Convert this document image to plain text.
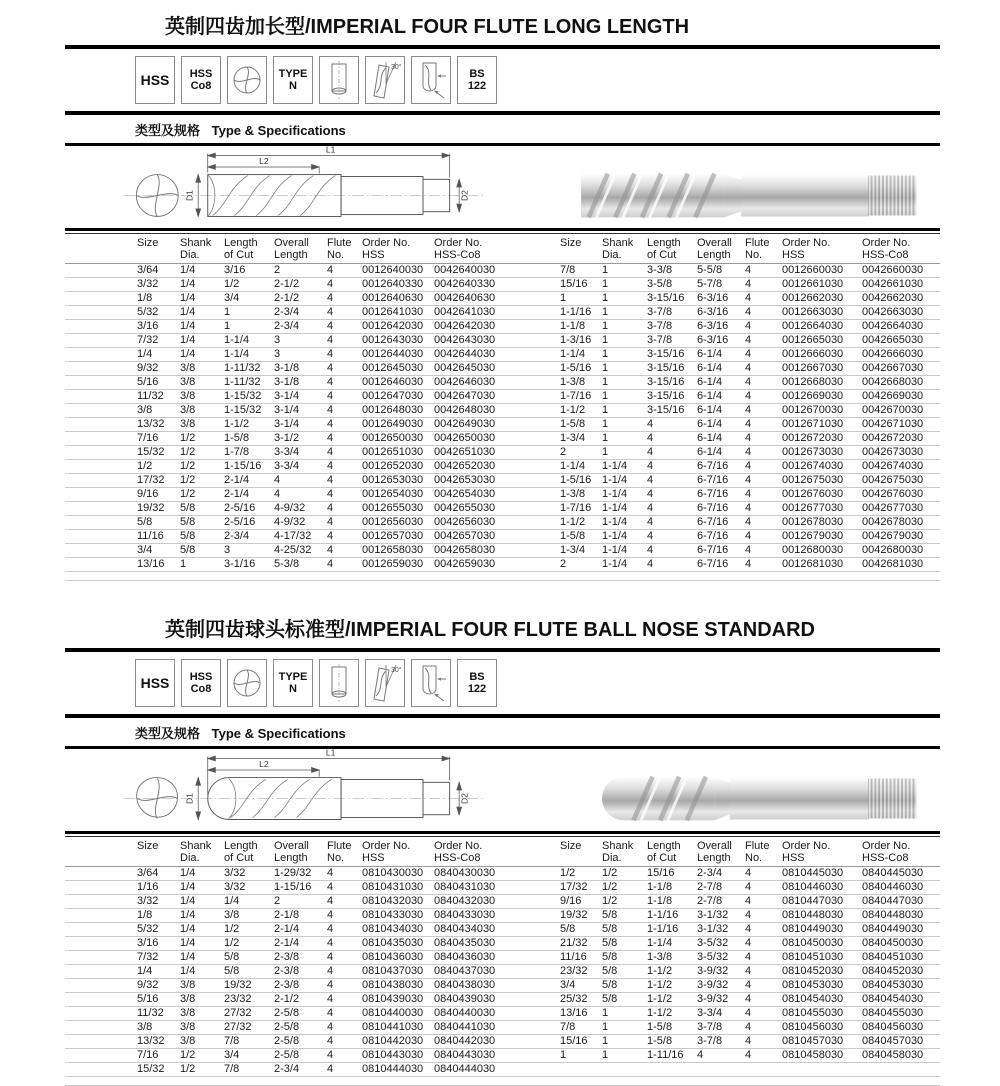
英制四齿加长型/IMPERIAL FOUR FLUTE LONG LENGTH
HSS HSS
Co8
TYPE
N
30°
BS
122
类型及规格 Type & Specifications
L1
L2
D1	D2

Size	Shank
Dia.

Length
of Cut

Overall
Length

Flute
No.

Order No.
HSS

Order No.
HSS-Co8

Size	Shank
Dia.

Length
of Cut

Overall
Length

Flute
No.

Order No.
HSS

Order No.
HSS-Co8

	3/64	1/4	3/16	2	4	0012640030	0042640030		7/8	1	3-3/8	5-5/8	4	0012660030	0042660030
	3/32	1/4	1/2	2-1/2	4	0012640330	0042640330		15/16	1	3-5/8	5-7/8	4	0012661030	0042661030
	1/8	1/4	3/4	2-1/2	4	0012640630	0042640630		1	1	3-15/16	6-3/16	4	0012662030	0042662030
	5/32	1/4	1	2-3/4	4	0012641030	0042641030		1-1/16	1	3-7/8	6-3/16	4	0012663030	0042663030
	3/16	1/4	1	2-3/4	4	0012642030	0042642030		1-1/8	1	3-7/8	6-3/16	4	0012664030	0042664030
	7/32	1/4	1-1/4	3	4	0012643030	0042643030		1-3/16	1	3-7/8	6-3/16	4	0012665030	0042665030
	1/4	1/4	1-1/4	3	4	0012644030	0042644030		1-1/4	1	3-15/16	6-1/4	4	0012666030	0042666030
	9/32	3/8	1-11/32	3-1/8	4	0012645030	0042645030		1-5/16	1	3-15/16	6-1/4	4	0012667030	0042667030
	5/16	3/8	1-11/32	3-1/8	4	0012646030	0042646030		1-3/8	1	3-15/16	6-1/4	4	0012668030	0042668030
	11/32	3/8	1-15/32	3-1/4	4	0012647030	0042647030		1-7/16	1	3-15/16	6-1/4	4	0012669030	0042669030
	3/8	3/8	1-15/32	3-1/4	4	0012648030	0042648030		1-1/2	1	3-15/16	6-1/4	4	0012670030	0042670030
	13/32	3/8	1-1/2	3-1/4	4	0012649030	0042649030		1-5/8	1	4	6-1/4	4	0012671030	0042671030
	7/16	1/2	1-5/8	3-1/2	4	0012650030	0042650030		1-3/4	1	4	6-1/4	4	0012672030	0042672030
	15/32	1/2	1-7/8	3-3/4	4	0012651030	0042651030		2	1	4	6-1/4	4	0012673030	0042673030
	1/2	1/2	1-15/16	3-3/4	4	0012652030	0042652030		1-1/4	1-1/4	4	6-7/16	4	0012674030	0042674030
	17/32	1/2	2-1/4	4	4	0012653030	0042653030		1-5/16	1-1/4	4	6-7/16	4	0012675030	0042675030
	9/16	1/2	2-1/4	4	4	0012654030	0042654030		1-3/8	1-1/4	4	6-7/16	4	0012676030	0042676030
	19/32	5/8	2-5/16	4-9/32	4	0012655030	0042655030		1-7/16	1-1/4	4	6-7/16	4	0012677030	0042677030
	5/8	5/8	2-5/16	4-9/32	4	0012656030	0042656030		1-1/2	1-1/4	4	6-7/16	4	0012678030	0042678030
	11/16	5/8	2-3/4	4-17/32	4	0012657030	0042657030		1-5/8	1-1/4	4	6-7/16	4	0012679030	0042679030
	3/4	5/8	3	4-25/32	4	0012658030	0042658030		1-3/4	1-1/4	4	6-7/16	4	0012680030	0042680030
	13/16	1	3-1/16	5-3/8	4	0012659030	0042659030		2	1-1/4	4	6-7/16	4	0012681030	0042681030
英制四齿球头标准型/IMPERIAL FOUR FLUTE BALL NOSE STANDARD
HSS HSS
Co8
TYPE
N
30°
BS
122
类型及规格 Type & Specifications
L1
L2
D1	D2

Size	Shank
Dia.

Length
of Cut

Overall
Length

Flute
No.

Order No.
HSS

Order No.
HSS-Co8

Size	Shank
Dia.

Length
of Cut

Overall
Length

Flute
No.

Order No.
HSS

Order No.
HSS-Co8

	3/64	1/4	3/32	1-29/32	4	0810430030	0840430030		1/2	1/2	15/16	2-3/4	4	0810445030	0840445030
	1/16	1/4	3/32	1-15/16	4	0810431030	0840431030		17/32	1/2	1-1/8	2-7/8	4	0810446030	0840446030
	3/32	1/4	1/4	2	4	0810432030	0840432030		9/16	1/2	1-1/8	2-7/8	4	0810447030	0840447030
	1/8	1/4	3/8	2-1/8	4	0810433030	0840433030		19/32	5/8	1-1/16	3-1/32	4	0810448030	0840448030
	5/32	1/4	1/2	2-1/4	4	0810434030	0840434030		5/8	5/8	1-1/16	3-1/32	4	0810449030	0840449030
	3/16	1/4	1/2	2-1/4	4	0810435030	0840435030		21/32	5/8	1-1/4	3-5/32	4	0810450030	0840450030
	7/32	1/4	5/8	2-3/8	4	0810436030	0840436030		11/16	5/8	1-3/8	3-5/32	4	0810451030	0840451030
	1/4	1/4	5/8	2-3/8	4	0810437030	0840437030		23/32	5/8	1-1/2	3-9/32	4	0810452030	0840452030
	9/32	3/8	19/32	2-3/8	4	0810438030	0840438030		3/4	5/8	1-1/2	3-9/32	4	0810453030	0840453030
	5/16	3/8	23/32	2-1/2	4	0810439030	0840439030		25/32	5/8	1-1/2	3-9/32	4	0810454030	0840454030
	11/32	3/8	27/32	2-5/8	4	0810440030	0840440030		13/16	1	1-1/2	3-3/4	4	0810455030	0840455030
	3/8	3/8	27/32	2-5/8	4	0810441030	0840441030		7/8	1	1-5/8	3-7/8	4	0810456030	0840456030
	13/32	3/8	7/8	2-5/8	4	0810442030	0840442030		15/16	1	1-5/8	3-7/8	4	0810457030	0840457030
	7/16	1/2	3/4	2-5/8	4	0810443030	0840443030		1	1	1-11/16	4	4	0810458030	0840458030
	15/32	1/2	7/8	2-3/4	4	0810444030	0840444030								
